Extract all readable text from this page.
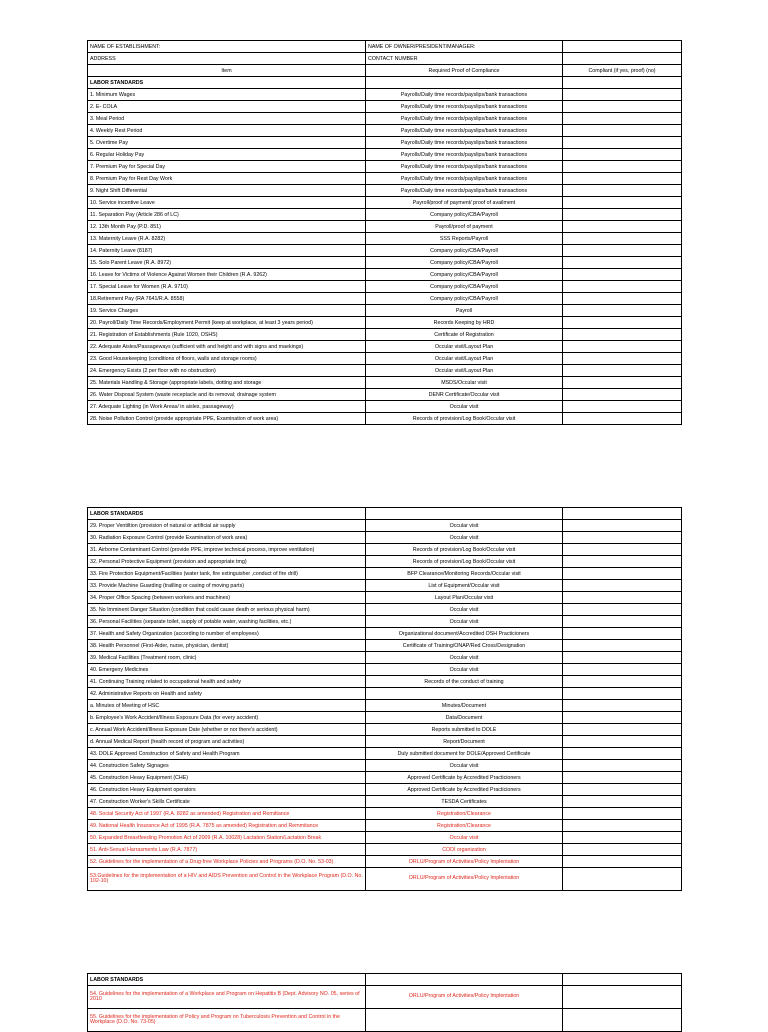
NAME OF ESTABLISHMENT:	NAME OF OWNER/PRESIDENT/MANAGER:	
ADDRESS	CONTACT NUMBER	
Item	Required Proof of Compliance	Compliant (if yes, proof) (no)
LABOR STANDARDS		
1. Minimum Wages	Payrolls/Daily time records/payslips/bank transactions	
2. E- COLA	Payrolls/Daily time records/payslips/bank transactions	
3. Meal Period	Payrolls/Daily time records/payslips/bank transactions	
4. Weekly Rest Period	Payrolls/Daily time records/payslips/bank transactions	
5. Overtime Pay	Payrolls/Daily time records/payslips/bank transactions	
6. Regular Holiday Pay	Payrolls/Daily time records/payslips/bank transactions	
7. Premium Pay for Special Day	Payrolls/Daily time records/payslips/bank transactions	
8. Premium Pay for Rest Day Work	Payrolls/Daily time records/payslips/bank transactions	
9. Night Shift Differential	Payrolls/Daily time records/payslips/bank transactions	
10. Service incentive Leave	Payroll/proof of payment/ proof of availment	
11. Separation Pay (Article 286 of LC)	Company policy/CBA/Payroll	
12. 13th Month Pay (P.D. 851)	Payroll/proof of payment	
13. Maternity Leave (R.A. 8282)	SSS Reports/Payroll	
14. Paternity Leave (8187)	Company policy/CBA/Payroll	
15. Solo Parent Leave (R.A. 8972)	Company policy/CBA/Payroll	
16. Leave for Victims of Violence Against Women their Children (R.A. 9262)	Company policy/CBA/Payroll	
17. Special Leave for Women (R.A. 9710)	Company policy/CBA/Payroll	
18.Retirement Pay (RA 7641/R.A. 8558)	Company policy/CBA/Payroll	
19. Service Charges	Payroll	
20. Payroll/Daily Time Records/Employment Permit (keep at workplace, at least 3 years period)	Records Keeping by HRD	
21. Registration of Establishments (Rule 1020, OSHS)	Certificate of Registration	
22. Adequate Aisles/Passageways (sufficient with and height and with signs and maekings)	Occular visit/Layout Plan	
23. Good Housekeeping (conditions of floors, walls and storage rooms)	Occular visit/Layout Plan	
24. Emergency Exists (2 per floor with no obstruction)	Occular visit/Layout Plan	
25. Materials Handling & Storage (appropriate labels, dotting and storage	MSDS/Occular visit	
26. Water Disposal System (waste receptacle and its removal; drainage system	DENR Certificate/Occular visit	
27. Adequate Lighting (in Work Areas/ in aisles, passageway)	Occular visit	
28. Noise Pollution Control (provide appropriate PPE, Examination of work area)	Records of provision/Log Book/Occular visit	
LABOR STANDARDS		
29. Proper Ventiltion (provision of natural or artificial air supply	Occular visit	
30. Radiation Exposure Control (provide Examination of work area)	Occular visit	
31. Airborne Contaminant Control (provide PPE, improve technical process, improve ventilation)	Records of provision/Log Book/Occular visit	
32. Personal Protective Equipment (provision and appropriate tmg)	Records of provision/Log Book/Occular visit	
33. Fire Protection Equipment/Facilities (water tank, fire extinguisher ,conduct of fire drill)	BFP Clearance/Monitoring Records/Occular visit	
33. Provide Machine Guarding (trailling or casing of moving parts)	List of Equipment/Occular visit	
34. Proper Office Spacing (between workers and machines)	Layout Plan/Occular visit	
35. No Imminent Danger Situation (condition that could cause death or serious physical harm)	Occular visit	
36. Personal Facilities (separate toilet, supply of potable water, washing facilities, etc.)	Occular visit	
37. Health and Safety Organization (according to number of employees)	Organizational document/Accredited OSH Practicioners	
38. Health Personnel (First-Aider, nurse, physician, dentist)	Certificate of Training/ONAP/Red Cross/Designation	
39. Medical Facilities (Treatment room, clinic)	Occular visit	
40. Emergeny Medicines	Occular visit	
41. Continuing Training related to occupational health and safety	Records of the conduct of training	
42. Administrative Reports on Health and safety		
a. Minutes of Meeting of HSC	Minutes/Document	
b. Employee's Work Accident/Illness Exposure Data (for every accident)	Data/Document	
c. Annual Work Accident/Illness Exposure Date (whether or nor there's accident)	Reports submitted to DOLE	
d. Annual Medical Report (health record of program and activities)	Report/Document	
43. DOLE Approved Construction of Safety and Health Program	Duly submitted document for DOLE/Approved Certificate	
44. Construction Safety Signages	Occular visit	
45. Construction Heavy Equipment (CHE)	Approved Certificate by Accredited Practicioners	
46. Construction Heavy Equipment operators	Approved Certificate by Accredited Practicioners	
47. Construction Worker's Skills Certificate	TESDA Certificates	
48. Social Security Act of 1997 (R.A. 8282 as amended) Registration and Remittance	Registration/Clearance	
49. National Health Insurance Act of 1995 (R.A. 7875 as amended) Registration and Remmitance	Registration/Clearance	
50. Expanded Breastfeeding Promotion Act of 2009 (R.A. 10028) Lactation Station/Lactation Break	Occular visit	
51. Anti-Sexual Harrasments Law (R.A. 7877)	CODI organization	
52. Guidelines for the implementation of a Drug-free Workplace Policies and Programs (D.O. No. 53-03)	ORLU/Program of Activities/Policy Implentation	
53.Guidelines for the implementation of a HIV and AIDS Prevention and Control in the Workplace Program (D.O. No. 102-10)	ORLU/Program of Activities/Policy Implentation	
LABOR STANDARDS		
54. Guidelines for the implementation of a Workplace and Program on Hepatitis B (Dept. Advisory NO. 05, series of 2010	ORLU/Program of Activities/Policy Implentation	
55. Guidelines for the implementation of Policy and Program on Tuberculosis Prevention and Control in the Workplace (D.O. No. 73-05)		
